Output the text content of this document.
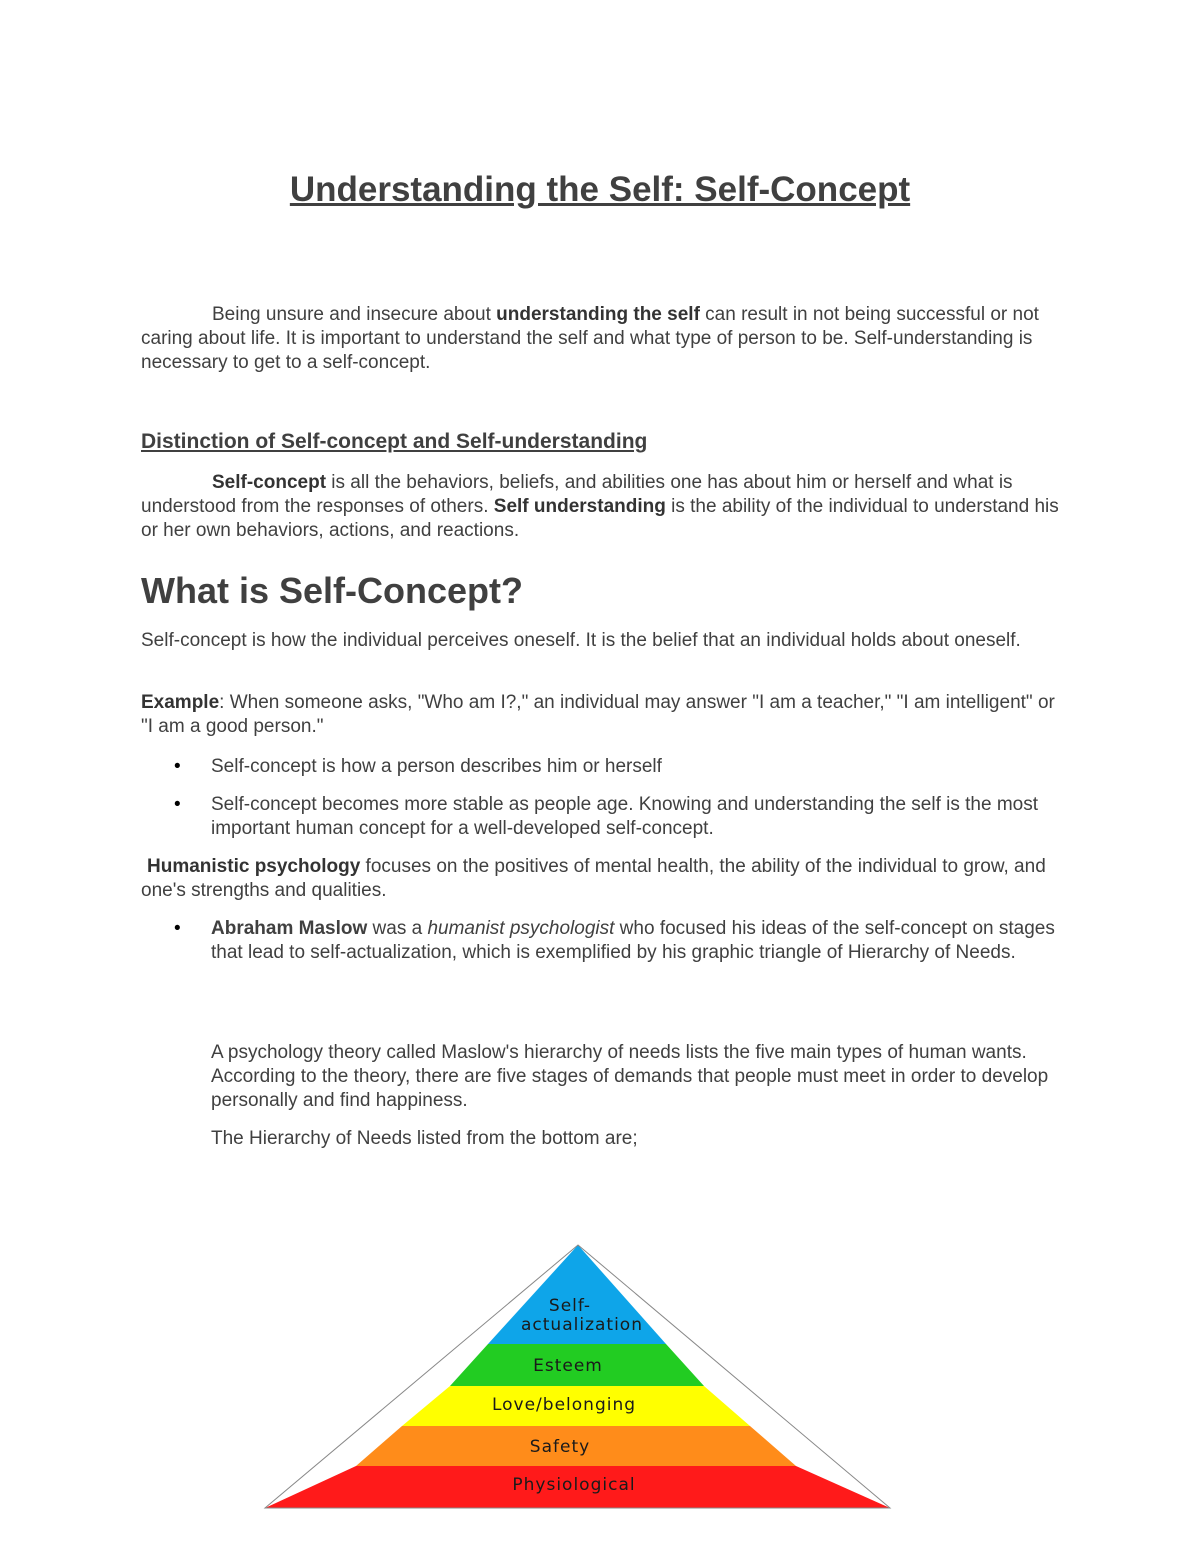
Understanding the Self: Self-Concept

Being unsure and insecure about understanding the self can result in not being successful or not caring about life. It is important to understand the self and what type of person to be. Self-understanding is necessary to get to a self-concept.

Distinction of Self-concept and Self-understanding

Self-concept is all the behaviors, beliefs, and abilities one has about him or herself and what is understood from the responses of others. Self understanding is the ability of the individual to understand his or her own behaviors, actions, and reactions.

What is Self-Concept?

Self-concept is how the individual perceives oneself. It is the belief that an individual holds about oneself.

Example: When someone asks, "Who am I?," an individual may answer "I am a teacher," "I am intelligent" or "I am a good person."

• Self-concept is how a person describes him or herself
• Self-concept becomes more stable as people age. Knowing and understanding the self is the most important human concept for a well-developed self-concept.

Humanistic psychology focuses on the positives of mental health, the ability of the individual to grow, and one's strengths and qualities.

• Abraham Maslow was a humanist psychologist who focused his ideas of the self-concept on stages that lead to self-actualization, which is exemplified by his graphic triangle of Hierarchy of Needs.

A psychology theory called Maslow's hierarchy of needs lists the five main types of human wants. According to the theory, there are five stages of demands that people must meet in order to develop personally and find happiness.

The Hierarchy of Needs listed from the bottom are;

Self-
actualization
Esteem
Love/belonging
Safety
Physiological
